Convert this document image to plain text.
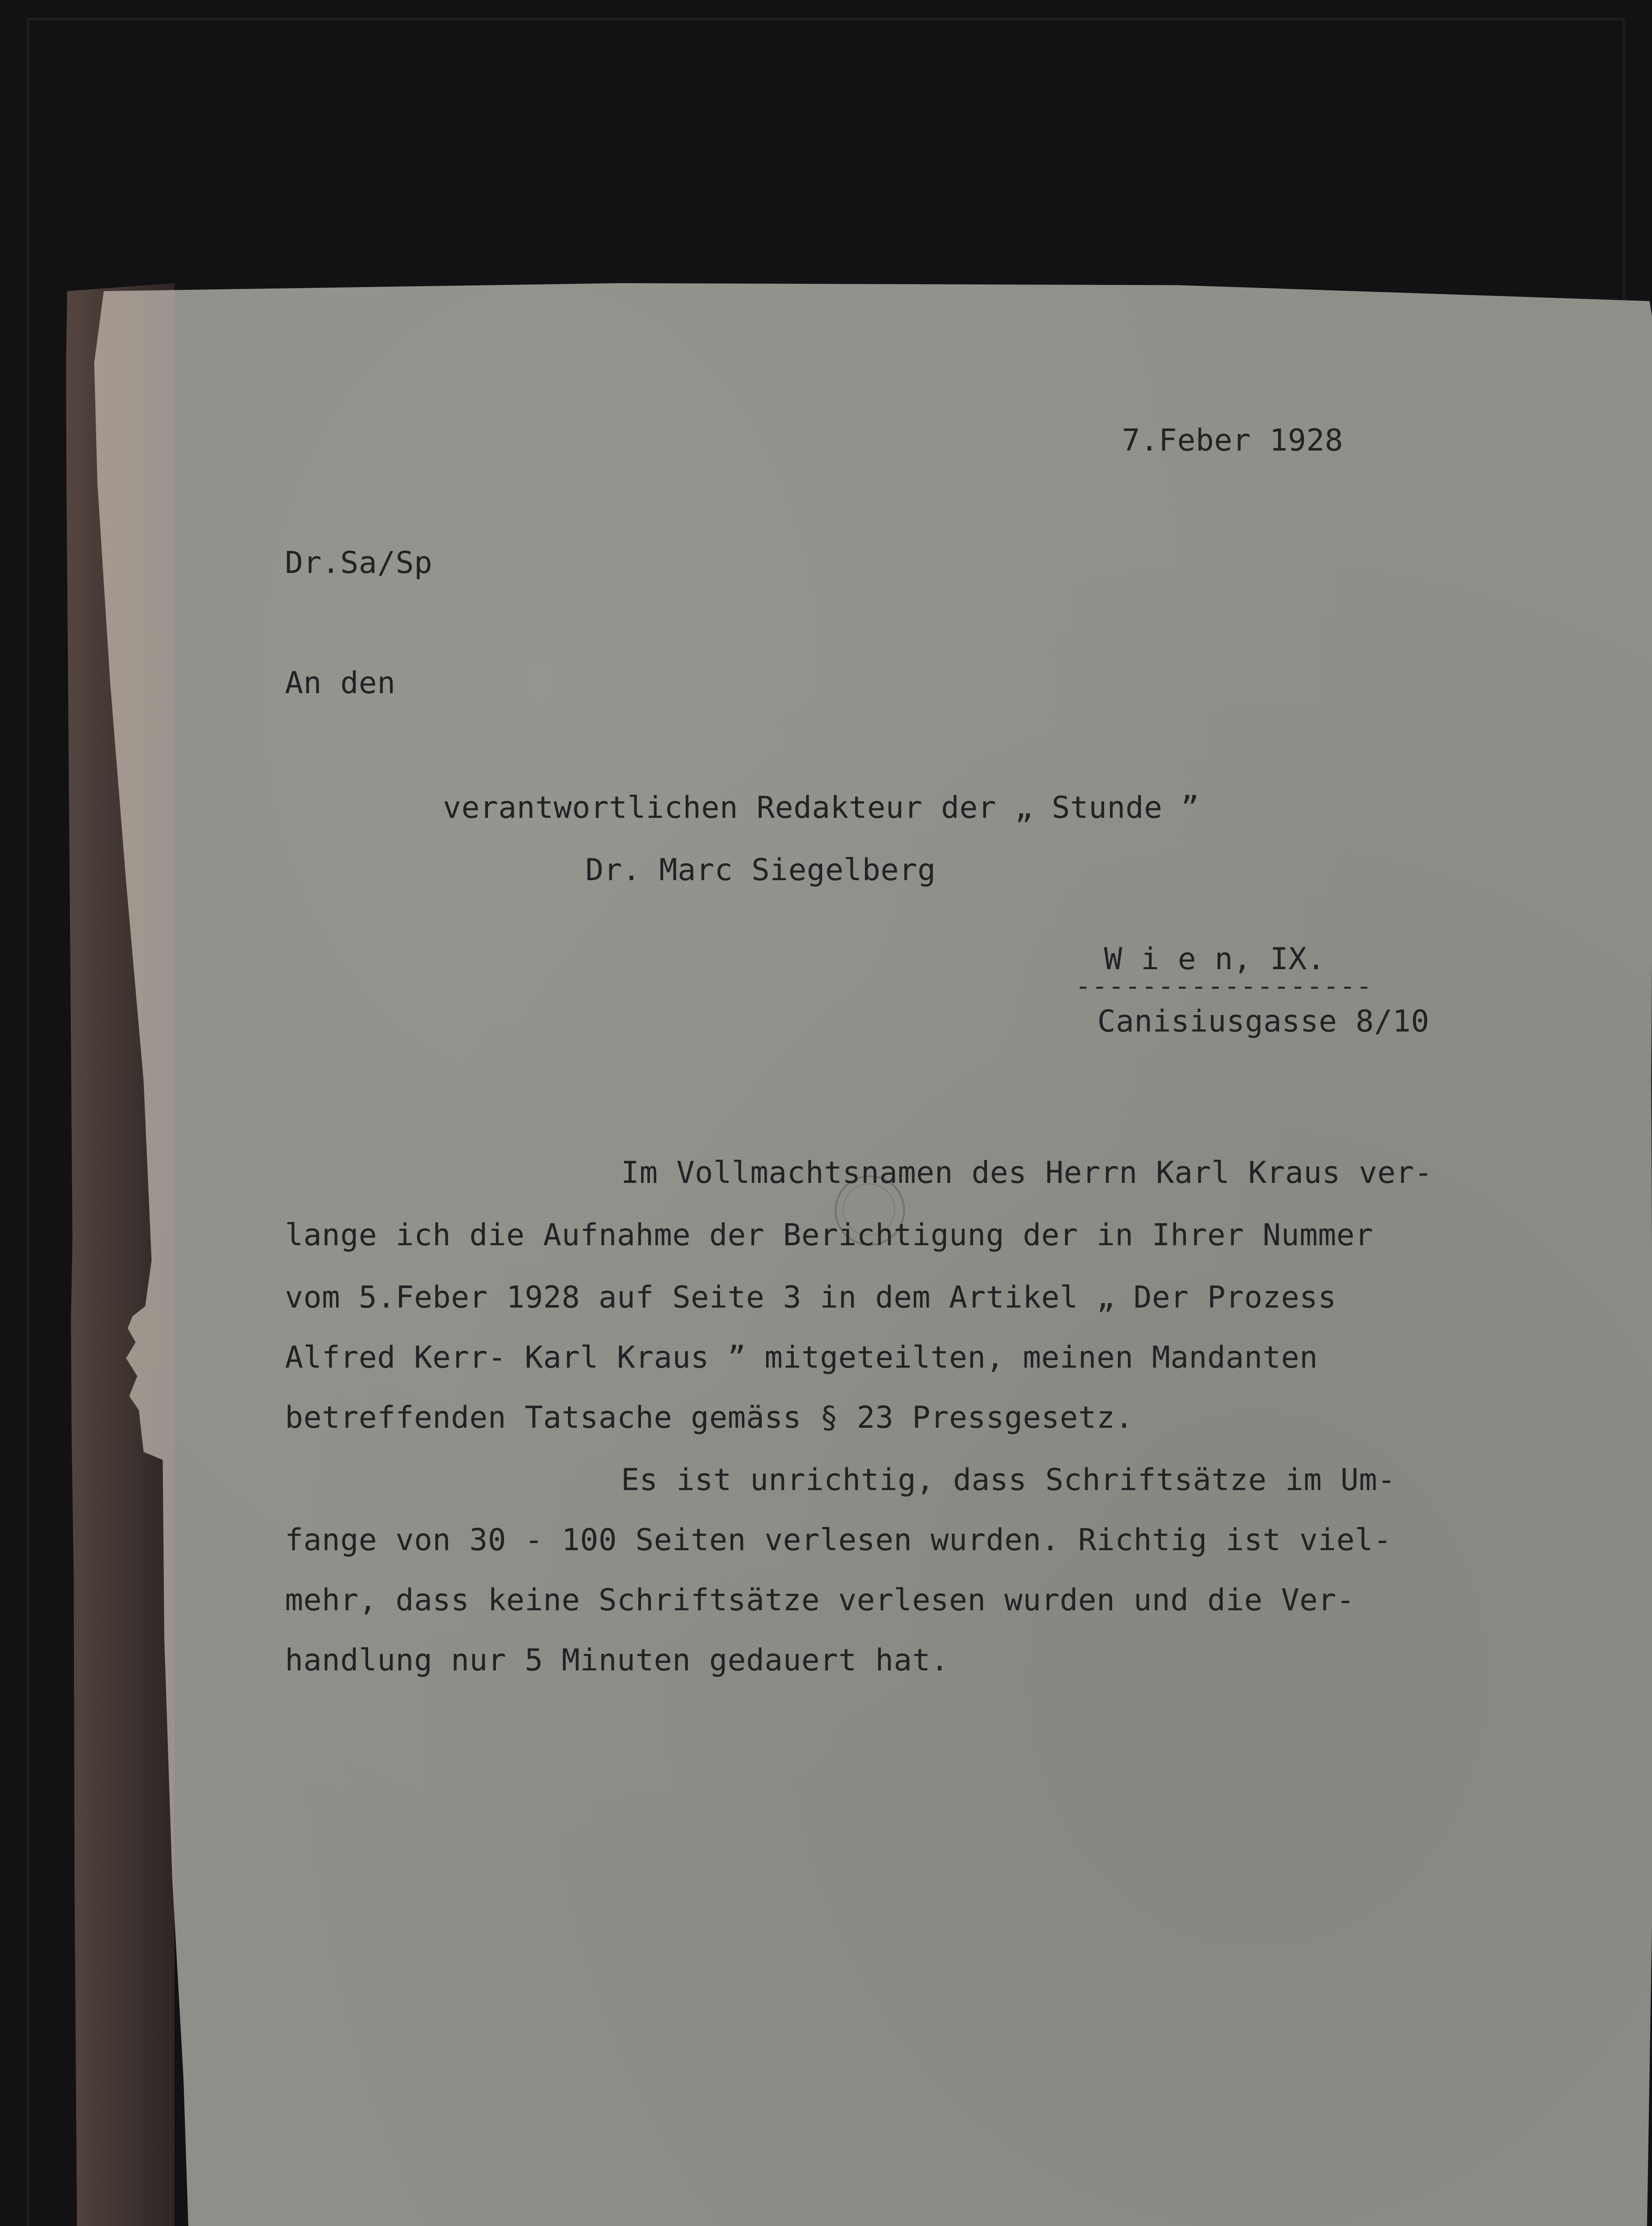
7.Feber 1928
Dr.Sa/Sp
An den
verantwortlichen Redakteur der „ Stunde ”
Dr. Marc Siegelberg
W i e n, IX.
------------------
Canisiusgasse 8/10
Im Vollmachtsnamen des Herrn Karl Kraus ver-
lange ich die Aufnahme der Berichtigung der in Ihrer Nummer
vom 5.Feber 1928 auf Seite 3 in dem Artikel „ Der Prozess
Alfred Kerr- Karl Kraus ” mitgeteilten, meinen Mandanten
betreffenden Tatsache gemäss § 23 Pressgesetz.
Es ist unrichtig, dass Schriftsätze im Um-
fange von 30 - 100 Seiten verlesen wurden. Richtig ist viel-
mehr, dass keine Schriftsätze verlesen wurden und die Ver-
handlung nur 5 Minuten gedauert hat.
